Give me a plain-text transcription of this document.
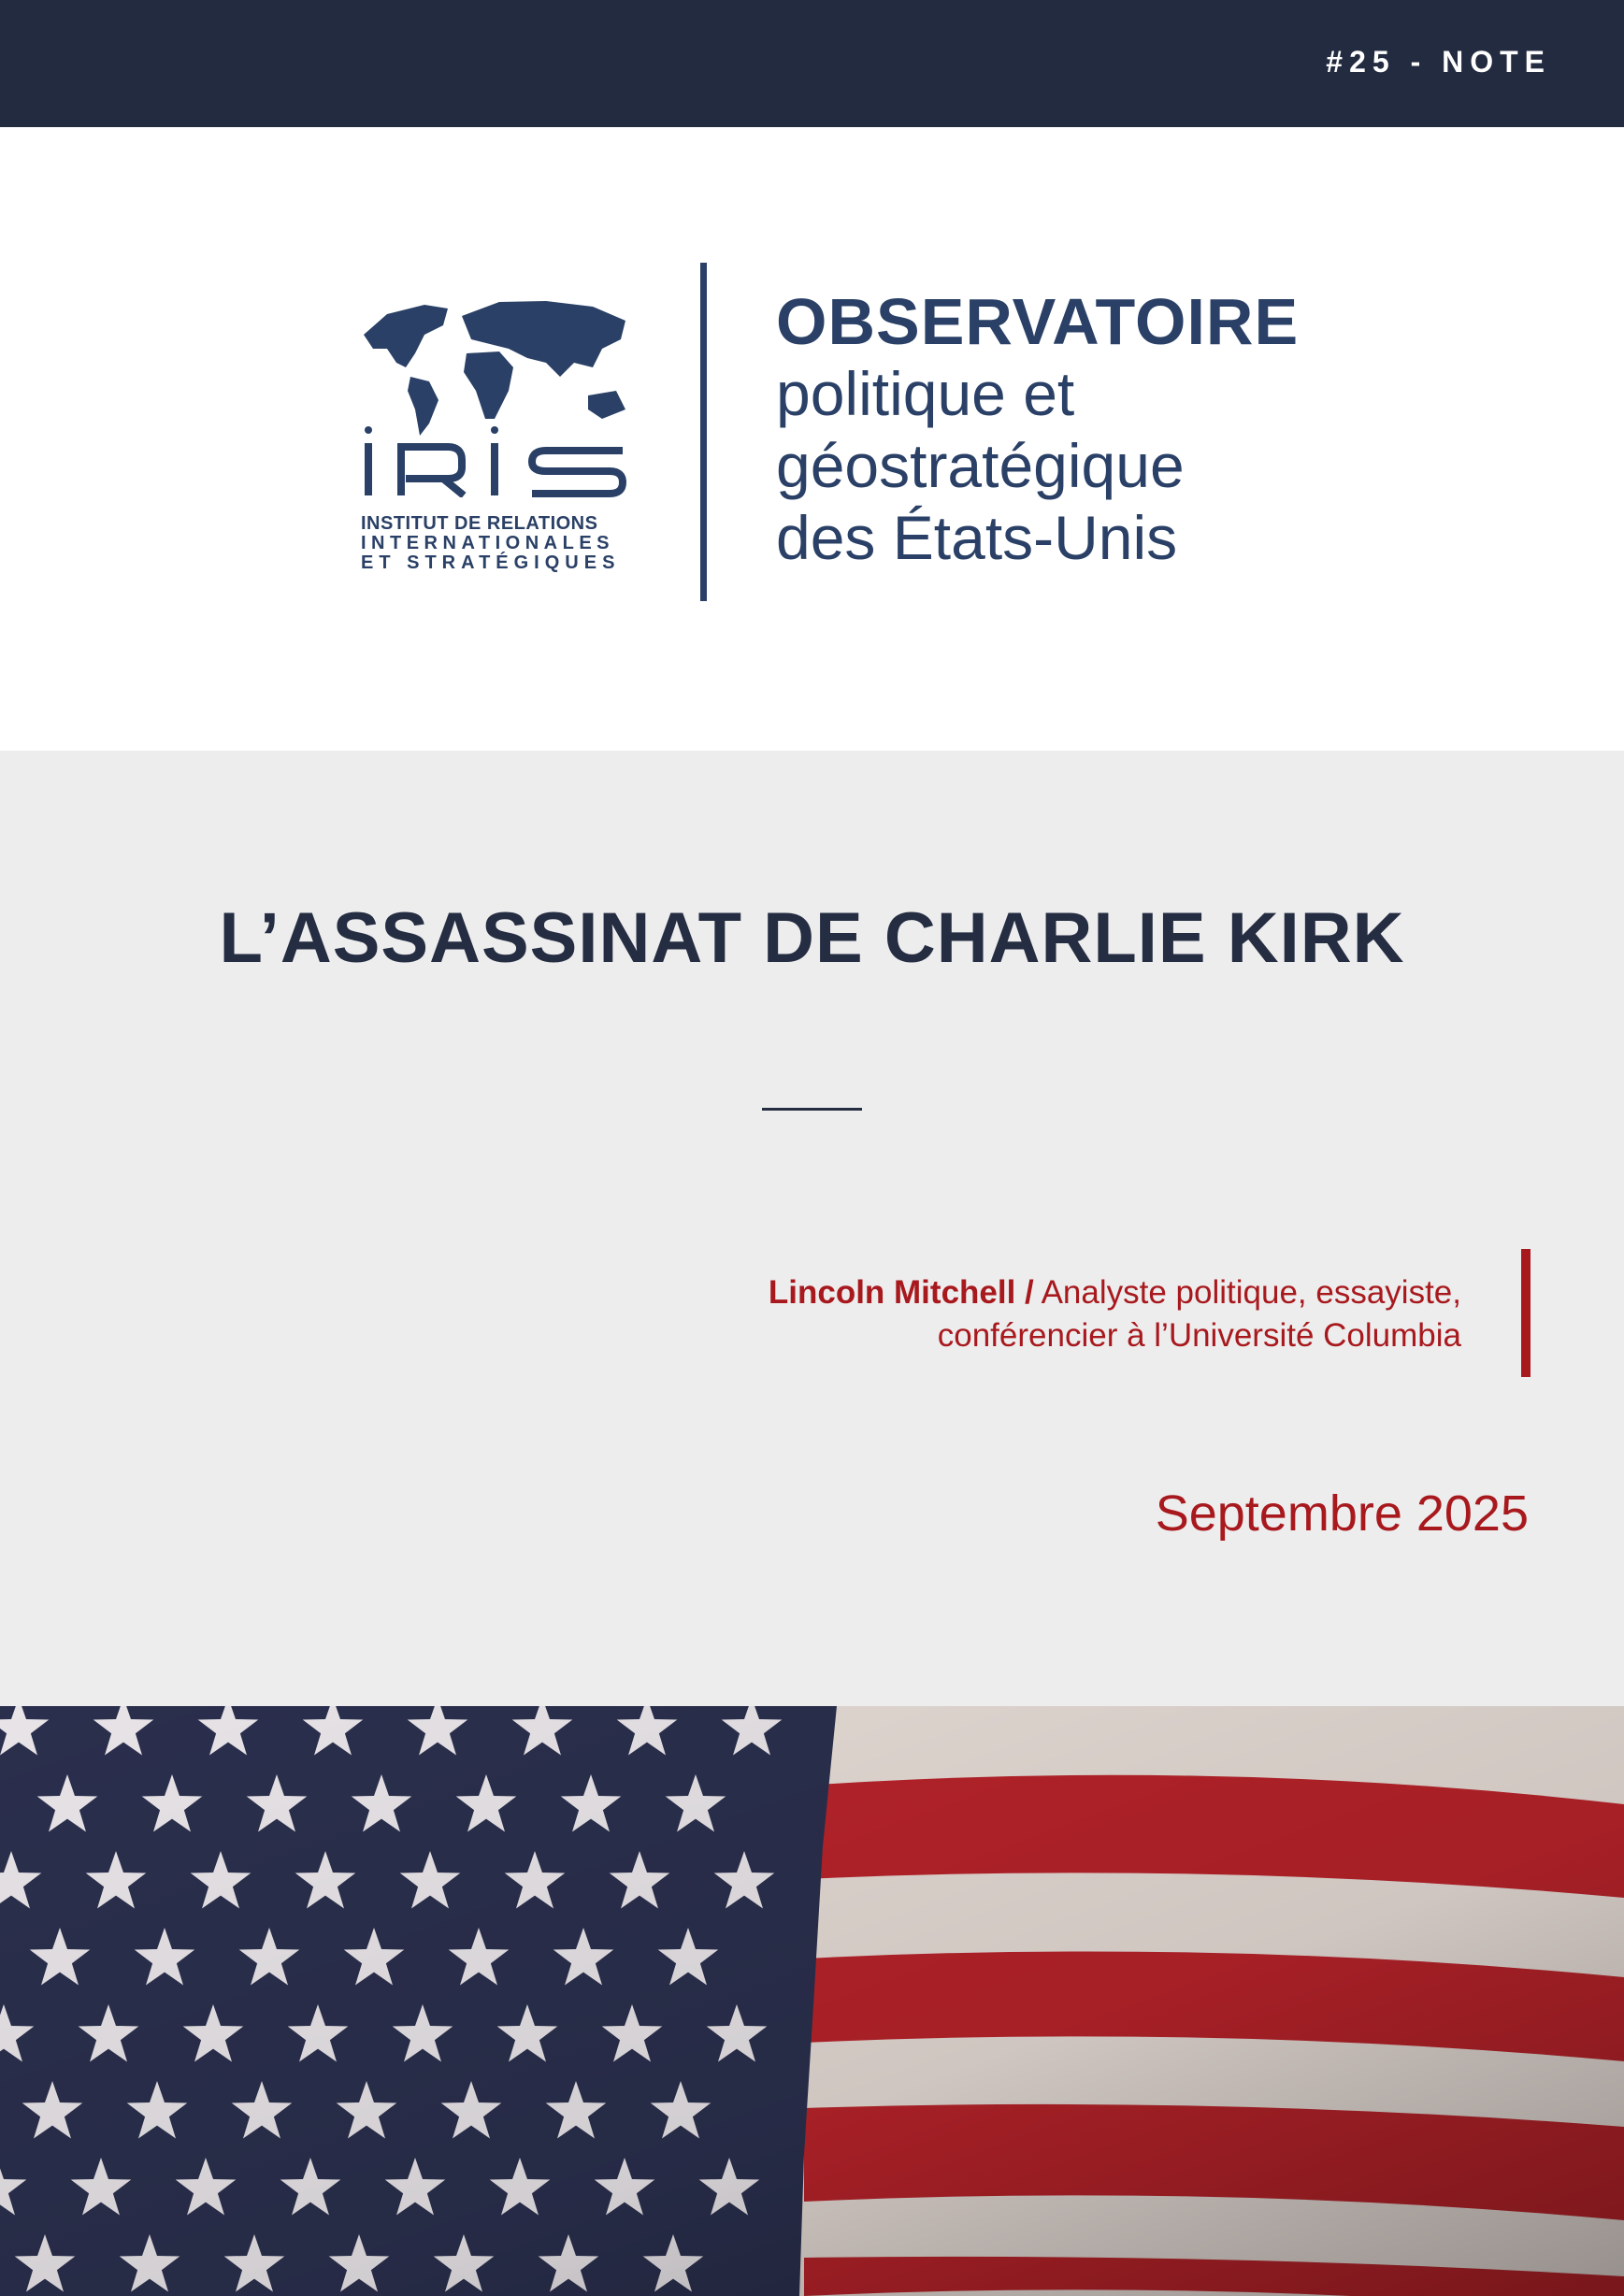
#25 - NOTE
INSTITUT DE RELATIONS
INTERNATIONALES
ET STRATÉGIQUES
OBSERVATOIRE
politique et
géostratégique
des États-Unis
L’ASSASSINAT DE CHARLIE KIRK
Lincoln Mitchell / Analyste politique, essayiste,
conférencier à l’Université Columbia
Septembre 2025
